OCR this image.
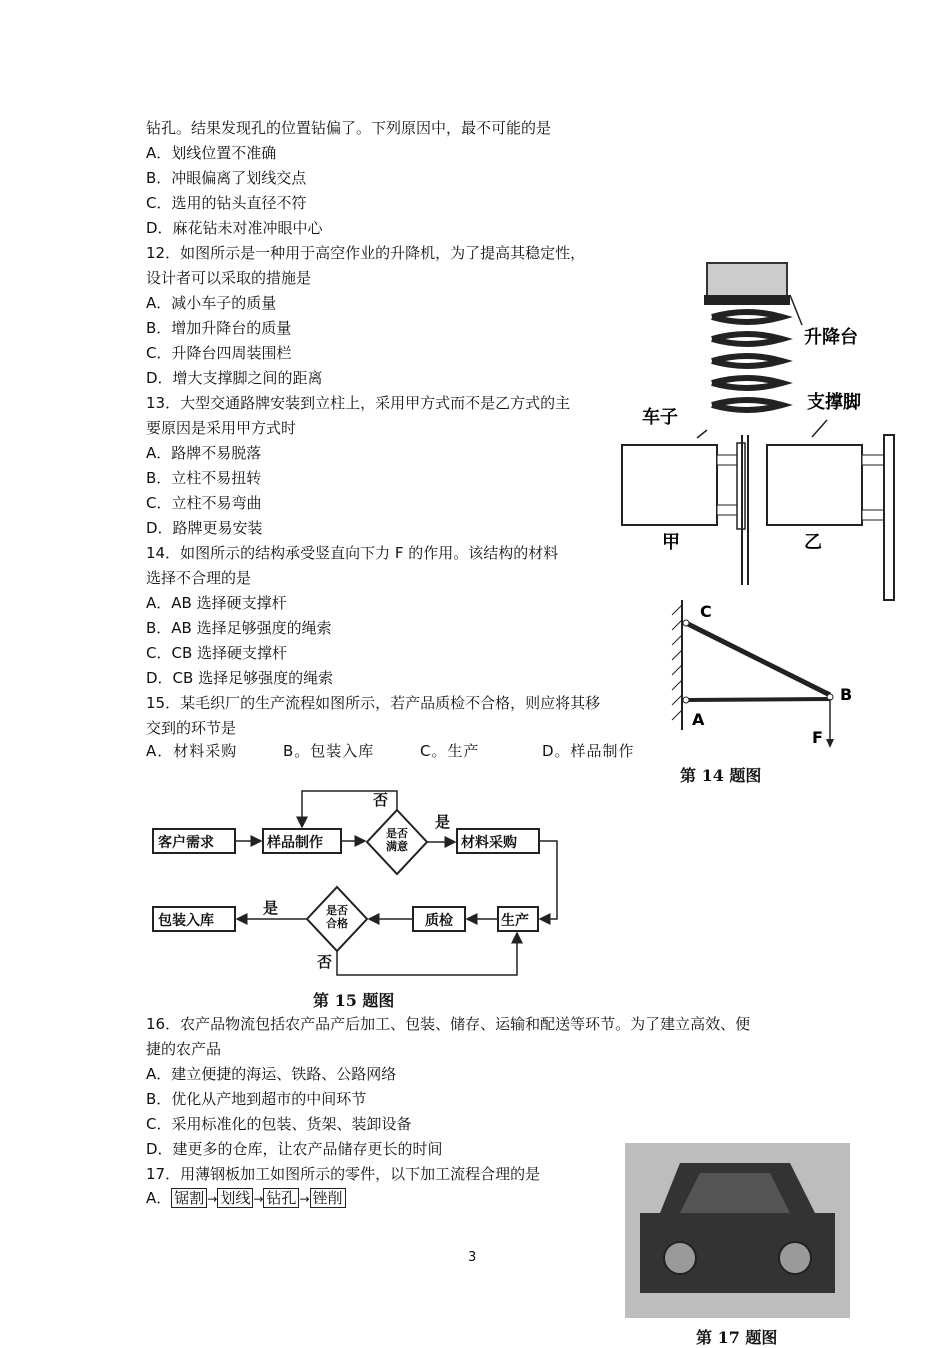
钻孔。结果发现孔的位置钻偏了。下列原因中，最不可能的是
A．划线位置不准确
B．冲眼偏离了划线交点
C．选用的钻头直径不符
D．麻花钻未对准冲眼中心
12．如图所示是一种用于高空作业的升降机，为了提高其稳定性，
设计者可以采取的措施是
A．减小车子的质量
B．增加升降台的质量
C．升降台四周装围栏
D．增大支撑脚之间的距离
13．大型交通路牌安装到立柱上，采用甲方式而不是乙方式的主
要原因是采用甲方式时
A．路牌不易脱落
B．立柱不易扭转
C．立柱不易弯曲
D．路牌更易安装
14．如图所示的结构承受竖直向下力 F 的作用。该结构的材料
选择不合理的是
A．AB 选择硬支撑杆
B．AB 选择足够强度的绳索
C．CB 选择硬支撑杆
D．CB 选择足够强度的绳索
15．某毛织厂的生产流程如图所示，若产品质检不合格，则应将其移
交到的环节是
A．材料采购	B。包装入库	C。生产	D。样品制作
16．农产品物流包括农产品产后加工、包装、储存、运输和配送等环节。为了建立高效、便
捷的农产品
A．建立便捷的海运、铁路、公路网络
B．优化从产地到超市的中间环节
C．采用标准化的包装、货架、装卸设备
D．建更多的仓库，让农产品储存更长的时间
17．用薄钢板加工如图所示的零件，以下加工流程合理的是
A． 锯割 → 划线 → 钻孔 → 锉削
升降台
车子
支撑脚
甲	乙
C
B
A
F
第 14 题图
客户需求	样品制作	材料采购
包装入库	质检	生产
是否满意
是否合格
是
否
是
否
第 15 题图
第 17 题图
3
